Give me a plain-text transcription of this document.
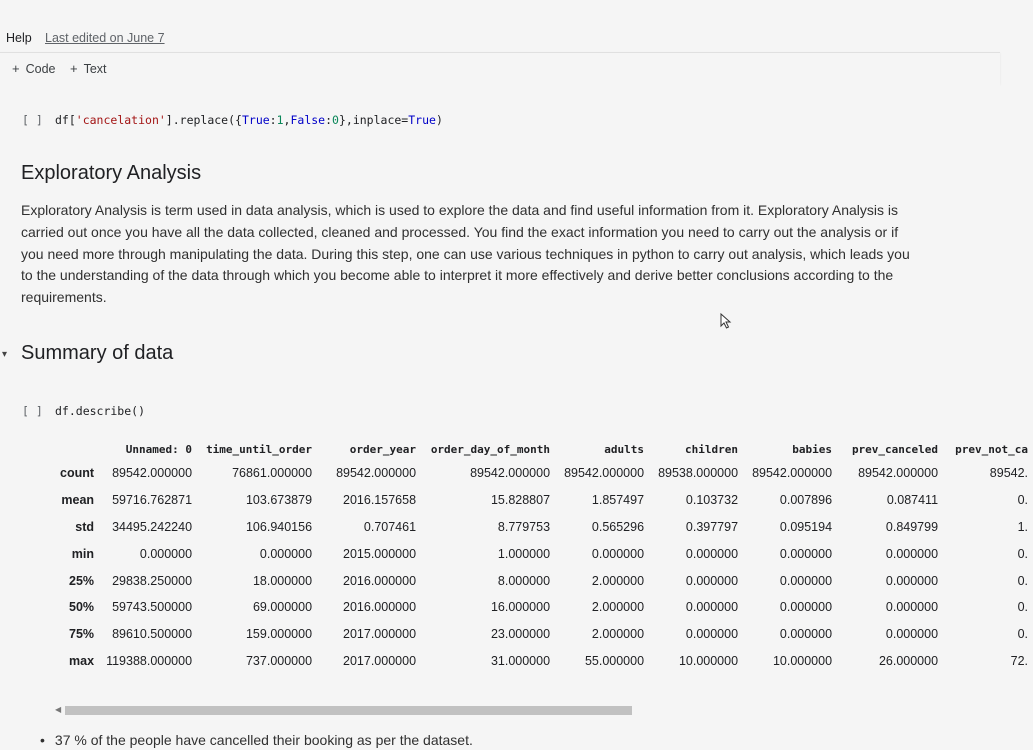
Help Last edited on June 7
+ Code + Text
[ ] df['cancelation'].replace({True:1,False:0},inplace=True)
Exploratory Analysis
Exploratory Analysis is term used in data analysis, which is used to explore the data and find useful information from it. Exploratory Analysis is carried out once you have all the data collected, cleaned and processed. You find the exact information you need to carry out the analysis or if you need more through manipulating the data. During this step, one can use various techniques in python to carry out analysis, which leads you to the understanding of the data through which you become able to interpret it more effectively and derive better conclusions according to the requirements.
▾ Summary of data
[ ] df.describe()
	Unnamed: 0	time_until_order	order_year	order_day_of_month	adults	children	babies	prev_canceled	prev_not_ca
count	89542.000000	76861.000000	89542.000000	89542.000000	89542.000000	89538.000000	89542.000000	89542.000000	89542.
mean	59716.762871	103.673879	2016.157658	15.828807	1.857497	0.103732	0.007896	0.087411	0.
std	34495.242240	106.940156	0.707461	8.779753	0.565296	0.397797	0.095194	0.849799	1.
min	0.000000	0.000000	2015.000000	1.000000	0.000000	0.000000	0.000000	0.000000	0.
25%	29838.250000	18.000000	2016.000000	8.000000	2.000000	0.000000	0.000000	0.000000	0.
50%	59743.500000	69.000000	2016.000000	16.000000	2.000000	0.000000	0.000000	0.000000	0.
75%	89610.500000	159.000000	2017.000000	23.000000	2.000000	0.000000	0.000000	0.000000	0.
max	119388.000000	737.000000	2017.000000	31.000000	55.000000	10.000000	10.000000	26.000000	72.
◀
• 37 % of the people have cancelled their booking as per the dataset.
